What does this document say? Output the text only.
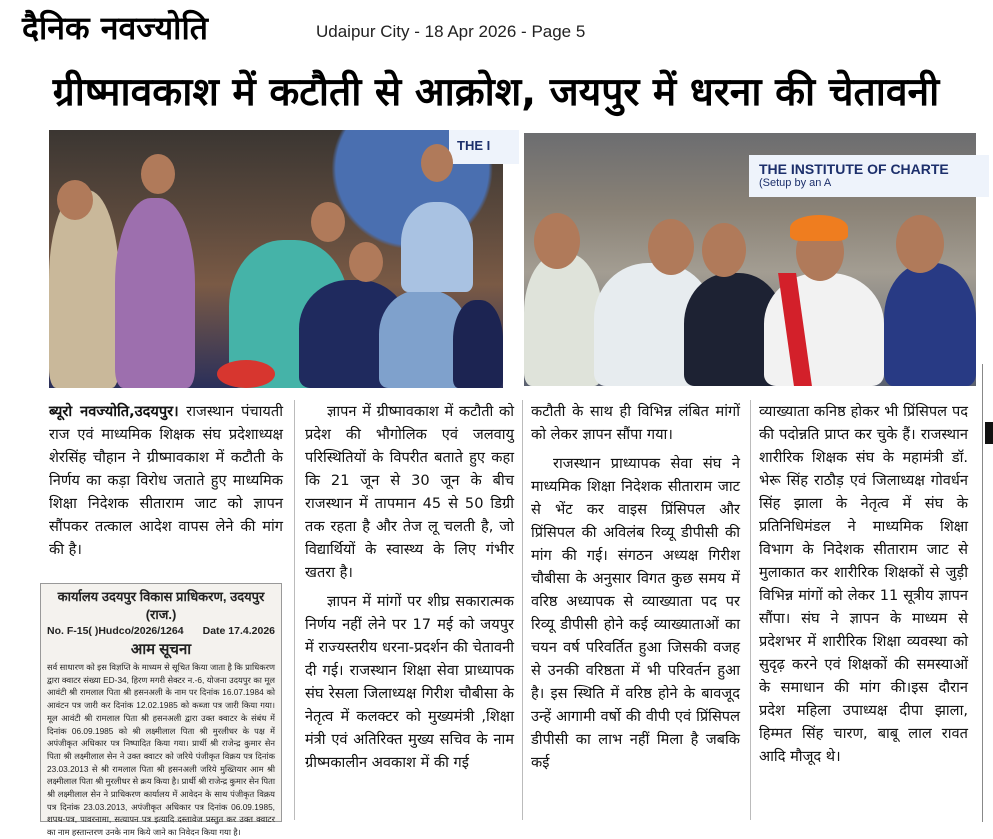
दैनिक नवज्योति	Udaipur City - 18 Apr 2026 - Page 5
ग्रीष्मावकाश में कटौती से आक्रोश, जयपुर में धरना की चेतावनी
THE I
THE INSTITUTE OF CHARTE
(Setup by an A

ब्यूरो नवज्योति,उदयपुर। राजस्थान पंचायती राज एवं माध्यमिक शिक्षक संघ प्रदेशाध्यक्ष शेरसिंह चौहान ने ग्रीष्मावकाश में कटौती के निर्णय का कड़ा विरोध जताते हुए माध्यमिक शिक्षा निदेशक सीताराम जाट को ज्ञापन सौंपकर तत्काल आदेश वापस लेने की मांग की है।

ज्ञापन में ग्रीष्मावकाश में कटौती को प्रदेश की भौगोलिक एवं जलवायु परिस्थितियों के विपरीत बताते हुए कहा कि 21 जून से 30 जून के बीच राजस्थान में तापमान 45 से 50 डिग्री तक रहता है और तेज लू चलती है, जो विद्यार्थियों के स्वास्थ्य के लिए गंभीर खतरा है।

ज्ञापन में मांगों पर शीघ्र सकारात्मक निर्णय नहीं लेने पर 17 मई को जयपुर में राज्यस्तरीय धरना-प्रदर्शन की चेतावनी दी गई। राजस्थान शिक्षा सेवा प्राध्यापक संघ रेसला जिलाध्यक्ष गिरीश चौबीसा के नेतृत्व में कलक्टर को मुख्यमंत्री ,शिक्षा मंत्री एवं अतिरिक्त मुख्य सचिव के नाम ग्रीष्मकालीन अवकाश में की गई

कटौती के साथ ही विभिन्न लंबित मांगों को लेकर ज्ञापन सौंपा गया।

राजस्थान प्राध्यापक सेवा संघ ने माध्यमिक शिक्षा निदेशक सीताराम जाट से भेंट कर वाइस प्रिंसिपल और प्रिंसिपल की अविलंब रिव्यू डीपीसी की मांग की गई। संगठन अध्यक्ष गिरीश चौबीसा के अनुसार विगत कुछ समय में वरिष्ठ अध्यापक से व्याख्याता पद पर रिव्यू डीपीसी होने कई व्याख्याताओं का चयन वर्ष परिवर्तित हुआ जिसकी वजह से उनकी वरिष्ठता में भी परिवर्तन हुआ है। इस स्थिति में वरिष्ठ होने के बावजूद उन्हें आगामी वर्षो की वीपी एवं प्रिंसिपल डीपीसी का लाभ नहीं मिला है जबकि कई

व्याख्याता कनिष्ठ होकर भी प्रिंसिपल पद की पदोन्नति प्राप्त कर चुके हैं। राजस्थान शारीरिक शिक्षक संघ के महामंत्री डॉ. भेरू सिंह राठौड़ एवं जिलाध्यक्ष गोवर्धन सिंह झाला के नेतृत्व में संघ के प्रतिनिधिमंडल ने माध्यमिक शिक्षा विभाग के निदेशक सीताराम जाट से मुलाकात कर शारीरिक शिक्षकों से जुड़ी विभिन्न मांगों को लेकर 11 सूत्रीय ज्ञापन सौंपा। संघ ने ज्ञापन के माध्यम से प्रदेशभर में शारीरिक शिक्षा व्यवस्था को सुदृढ़ करने एवं शिक्षकों की समस्याओं के समाधान की मांग की।इस दौरान प्रदेश महिला उपाध्यक्ष दीपा झाला, हिम्मत सिंह चारण, बाबू लाल रावत आदि मौजूद थे।

कार्यालय उदयपुर विकास प्राधिकरण, उदयपुर (राज.)
No. F-15( )Hudco/2026/1264 Date 17.4.2026
आम सूचना
सर्व साधारण को इस विज्ञप्ति के माध्यम से सूचित किया जाता है कि प्राधिकरण द्वारा क्वाटर संख्या ED-34, हिरण मगरी सेक्टर न.-6, योजना उदयपुर का मूल आवंटी श्री रामलाल पिता श्री हसनअली के नाम पर दिनांक 16.07.1984 को आवंटन पत्र जारी कर दिनांक 12.02.1985 को कब्जा पत्र जारी किया गया। मूल आवंटी श्री रामलाल पिता श्री हसनअली द्वारा उक्त क्वाटर के संबंध में दिनांक 06.09.1985 को श्री लक्ष्मीलाल पिता श्री मुरलीधर के पक्ष में अपंजीकृत अधिकार पत्र निष्पादित किया गया। प्रार्थी श्री राजेन्द्र कुमार सेन पिता श्री लक्ष्मीलाल सेन ने उक्त क्वाटर को जरिये पंजीकृत विक्रय पत्र दिनांक 23.03.2013 से श्री रामलाल पिता श्री हसनअली जरिये मुख्तियार आम श्री लक्ष्मीलाल पिता श्री मुरलीधर से क्रय किया है। प्रार्थी श्री राजेन्द्र कुमार सेन पिता श्री लक्ष्मीलाल सेन ने प्राधिकरण कार्यालय में आवेदन के साथ पंजीकृत विक्रय पत्र दिनांक 23.03.2013, अपंजीकृत अधिकार पत्र दिनांक 06.09.1985, शपथ-पत्र, पावरनामा, सत्यापन पत्र इत्यादि दस्तावेज प्रस्तुत कर उक्त क्वाटर का नाम हस्तान्तरण उनके नाम किये जाने का निवेदन किया गया है।
